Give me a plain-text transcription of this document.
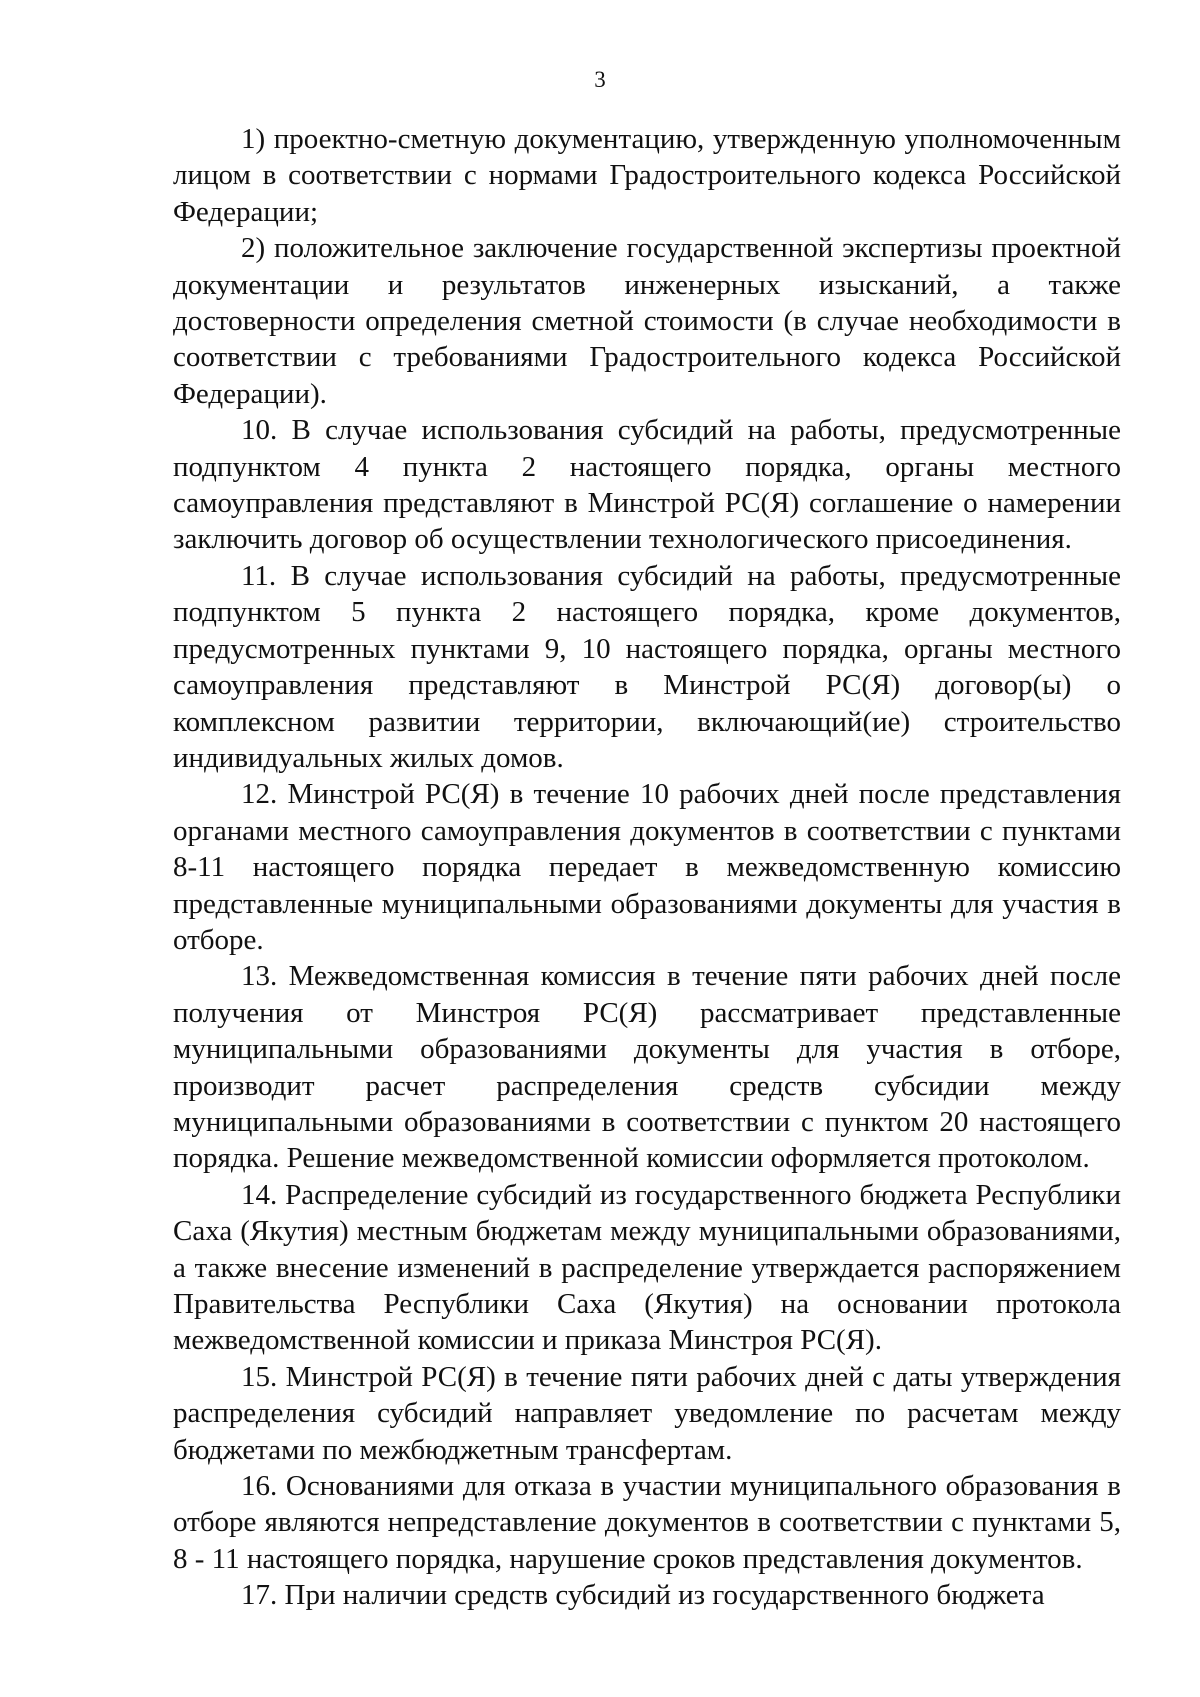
3

1) проектно-сметную документацию, утвержденную уполномоченным лицом в соответствии с нормами Градостроительного кодекса Российской Федерации;

2) положительное заключение государственной экспертизы проектной документации и результатов инженерных изысканий, а также достоверности определения сметной стоимости (в случае необходимости в соответствии с требованиями Градостроительного кодекса Российской Федерации).

10. В случае использования субсидий на работы, предусмотренные подпунктом 4 пункта 2 настоящего порядка, органы местного самоуправления представляют в Минстрой РС(Я) соглашение о намерении заключить договор об осуществлении технологического присоединения.

11. В случае использования субсидий на работы, предусмотренные подпунктом 5 пункта 2 настоящего порядка, кроме документов, предусмотренных пунктами 9, 10 настоящего порядка, органы местного самоуправления представляют в Минстрой РС(Я) договор(ы) о комплексном развитии территории, включающий(ие) строительство индивидуальных жилых домов.

12. Минстрой РС(Я) в течение 10 рабочих дней после представления органами местного самоуправления документов в соответствии с пунктами 8-11 настоящего порядка передает в межведомственную комиссию представленные муниципальными образованиями документы для участия в отборе.

13. Межведомственная комиссия в течение пяти рабочих дней после получения от Минстроя РС(Я) рассматривает представленные муниципальными образованиями документы для участия в отборе, производит расчет распределения средств субсидии между муниципальными образованиями в соответствии с пунктом 20 настоящего порядка. Решение межведомственной комиссии оформляется протоколом.

14. Распределение субсидий из государственного бюджета Республики Саха (Якутия) местным бюджетам между муниципальными образованиями, а также внесение изменений в распределение утверждается распоряжением Правительства Республики Саха (Якутия) на основании протокола межведомственной комиссии и приказа Минстроя РС(Я).

15. Минстрой РС(Я) в течение пяти рабочих дней с даты утверждения распределения субсидий направляет уведомление по расчетам между бюджетами по межбюджетным трансфертам.

16. Основаниями для отказа в участии муниципального образования в отборе являются непредставление документов в соответствии с пунктами 5, 8 - 11 настоящего порядка, нарушение сроков представления документов.

17. При наличии средств субсидий из государственного бюджета
